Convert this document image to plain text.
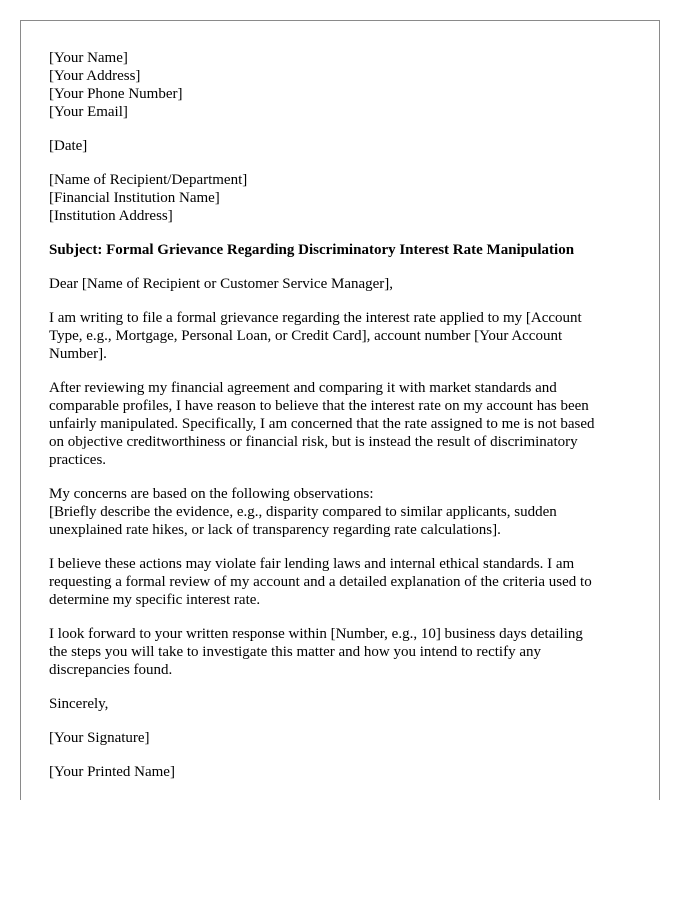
[Your Name]
[Your Address]
[Your Phone Number]
[Your Email]
[Date]
[Name of Recipient/Department]
[Financial Institution Name]
[Institution Address]

Subject: Formal Grievance Regarding Discriminatory Interest Rate Manipulation

Dear [Name of Recipient or Customer Service Manager],

I am writing to file a formal grievance regarding the interest rate applied to my [Account
Type, e.g., Mortgage, Personal Loan, or Credit Card], account number [Your Account
Number].

After reviewing my financial agreement and comparing it with market standards and
comparable profiles, I have reason to believe that the interest rate on my account has been
unfairly manipulated. Specifically, I am concerned that the rate assigned to me is not based
on objective creditworthiness or financial risk, but is instead the result of discriminatory
practices.

My concerns are based on the following observations:
[Briefly describe the evidence, e.g., disparity compared to similar applicants, sudden
unexplained rate hikes, or lack of transparency regarding rate calculations].

I believe these actions may violate fair lending laws and internal ethical standards. I am
requesting a formal review of my account and a detailed explanation of the criteria used to
determine my specific interest rate.

I look forward to your written response within [Number, e.g., 10] business days detailing
the steps you will take to investigate this matter and how you intend to rectify any
discrepancies found.

Sincerely,

[Your Signature]

[Your Printed Name]
